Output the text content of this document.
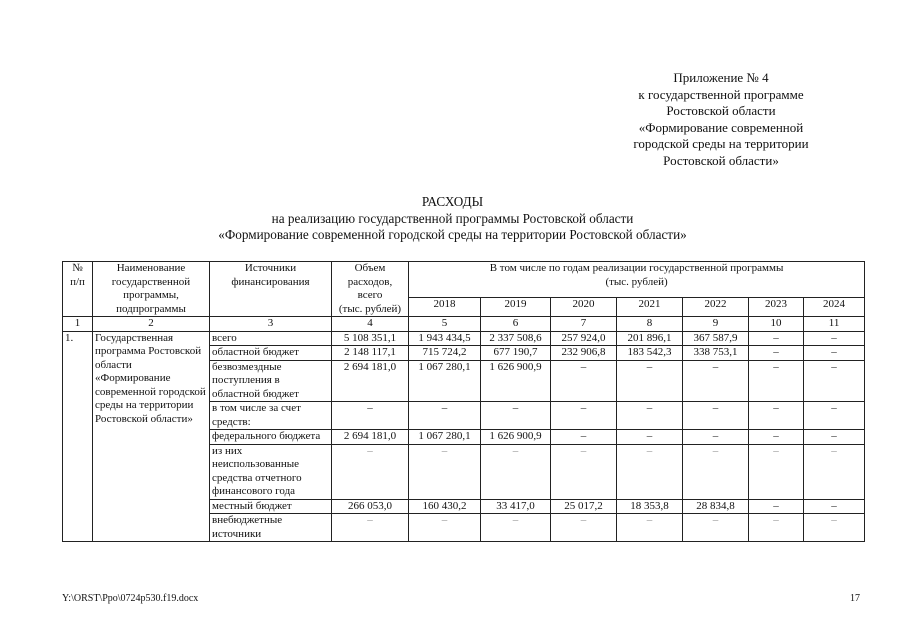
Приложение № 4
к государственной программе
Ростовской области
«Формирование современной
городской среды на территории
Ростовской области»
РАСХОДЫ
на реализацию государственной программы Ростовской области
«Формирование современной городской среды на территории Ростовской области»
№
п/п	Наименование
государственной
программы,
подпрограммы	Источники
финансирования	Объем
расходов,
всего
(тыс. рублей)	В том числе по годам реализации государственной программы
(тыс. рублей)						
				2018	2019	2020	2021	2022	2023	2024
1	2	3	4	5	6	7	8	9	10	11
1.	Государственная программа Ростовской области «Формирование современной городской среды на территории Ростовской области»	всего	5 108 351,1	1 943 434,5	2 337 508,6	257 924,0	201 896,1	367 587,9	–	–
		областной бюджет	2 148 117,1	715 724,2	677 190,7	232 906,8	183 542,3	338 753,1	–	–
		безвозмездные поступления в областной бюджет	2 694 181,0	1 067 280,1	1 626 900,9	–	–	–	–	–
		в том числе за счет средств:	–	–	–	–	–	–	–	–
		федерального бюджета	2 694 181,0	1 067 280,1	1 626 900,9	–	–	–	–	–
		из них неиспользованные средства отчетного финансового года	–	–	–	–	–	–	–	–
		местный бюджет	266 053,0	160 430,2	33 417,0	25 017,2	18 353,8	28 834,8	–	–
		внебюджетные источники	–	–	–	–	–	–	–	–
Y:\ORST\Ppo\0724p530.f19.docx	17
